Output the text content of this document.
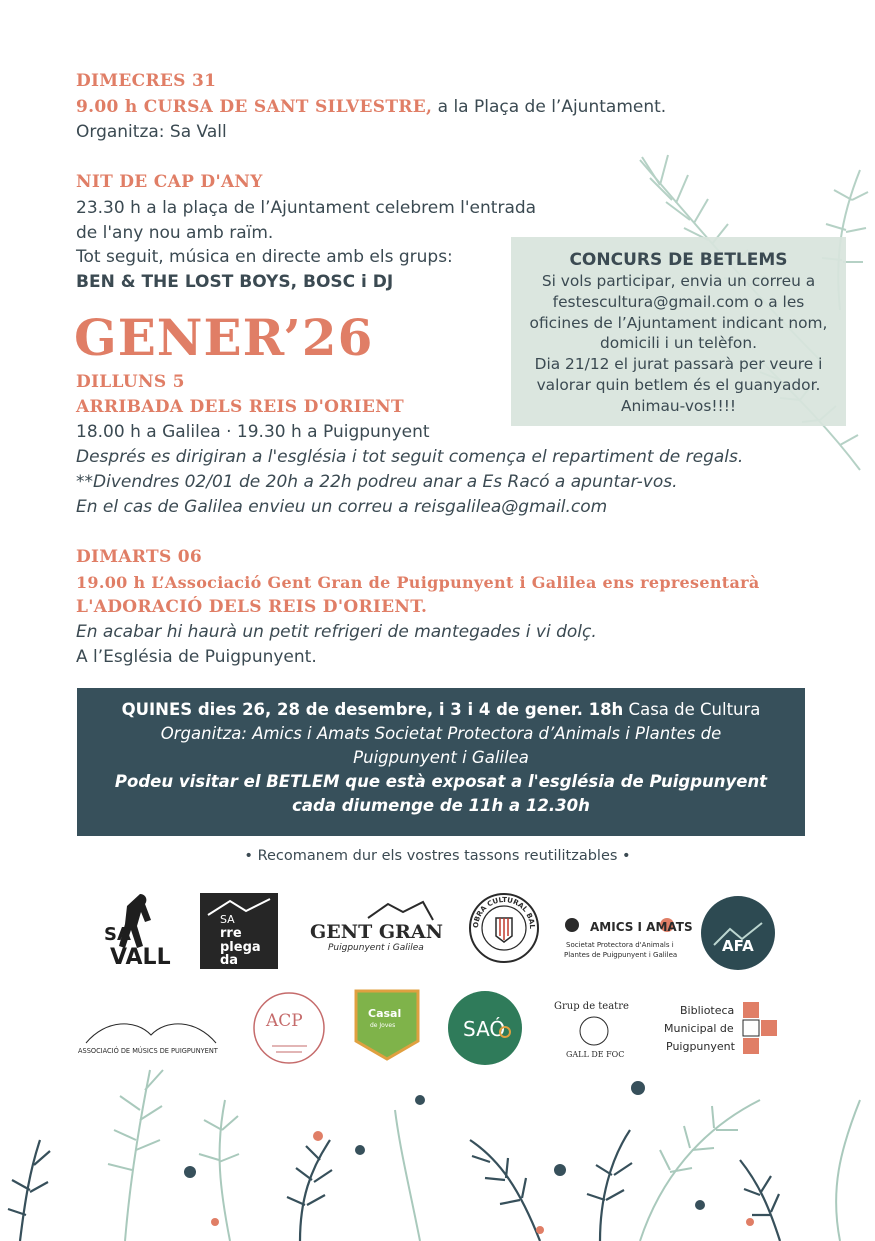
DIMECRES 31
9.00 h CURSA DE SANT SILVESTRE, a la Plaça de l’Ajuntament.
Organitza: Sa Vall
NIT DE CAP D'ANY
23.30 h a la plaça de l’Ajuntament celebrem l'entrada
de l'any nou amb raïm.
Tot seguit, música en directe amb els grups:
BEN & THE LOST BOYS, BOSC i DJ
GENER’26
DILLUNS 5
ARRIBADA DELS REIS D'ORIENT
18.00 h a Galilea · 19.30 h a Puigpunyent
Després es dirigiran a l'església i tot seguit comença el repartiment de regals.
**Divendres 02/01 de 20h a 22h podreu anar a Es Racó a apuntar-vos.
En el cas de Galilea envieu un correu a reisgalilea@gmail.com
DIMARTS 06
19.00 h L’Associació Gent Gran de Puigpunyent i Galilea ens representarà
L'ADORACIÓ DELS REIS D'ORIENT.
En acabar hi haurà un petit refrigeri de mantegades i vi dolç.
A l’Església de Puigpunyent.
CONCURS DE BETLEMS
Si vols participar, envia un correu a
festescultura@gmail.com o a les
oficines de l’Ajuntament indicant nom,
domicili i un telèfon.
Dia 21/12 el jurat passarà per veure i
valorar quin betlem és el guanyador.
Animau-vos!!!!
QUINES dies 26, 28 de desembre, i 3 i 4 de gener. 18h Casa de Cultura
Organitza: Amics i Amats Societat Protectora d’Animals i Plantes de
Puigpunyent i Galilea
Podeu visitar el BETLEM que està exposat a l'església de Puigpunyent
cada diumenge de 11h a 12.30h
• Recomanem dur els vostres tassons reutilitzables •
SA
VALL
SA
rre
plega
da
GENT GRAN
Puigpunyent i Galilea
OBRA CULTURAL BAL	AMICS I AMATS
Societat Protectora d'Animals i
Plantes de Puigpunyent i Galilea	AFA
ASSOCIACIÓ DE MÚSICS DE PUIGPUNYENT
ACP	Casal
de Joves	SAÓ
Grup de teatre
GALL DE FOC
Biblioteca
Municipal de
Puigpunyent
